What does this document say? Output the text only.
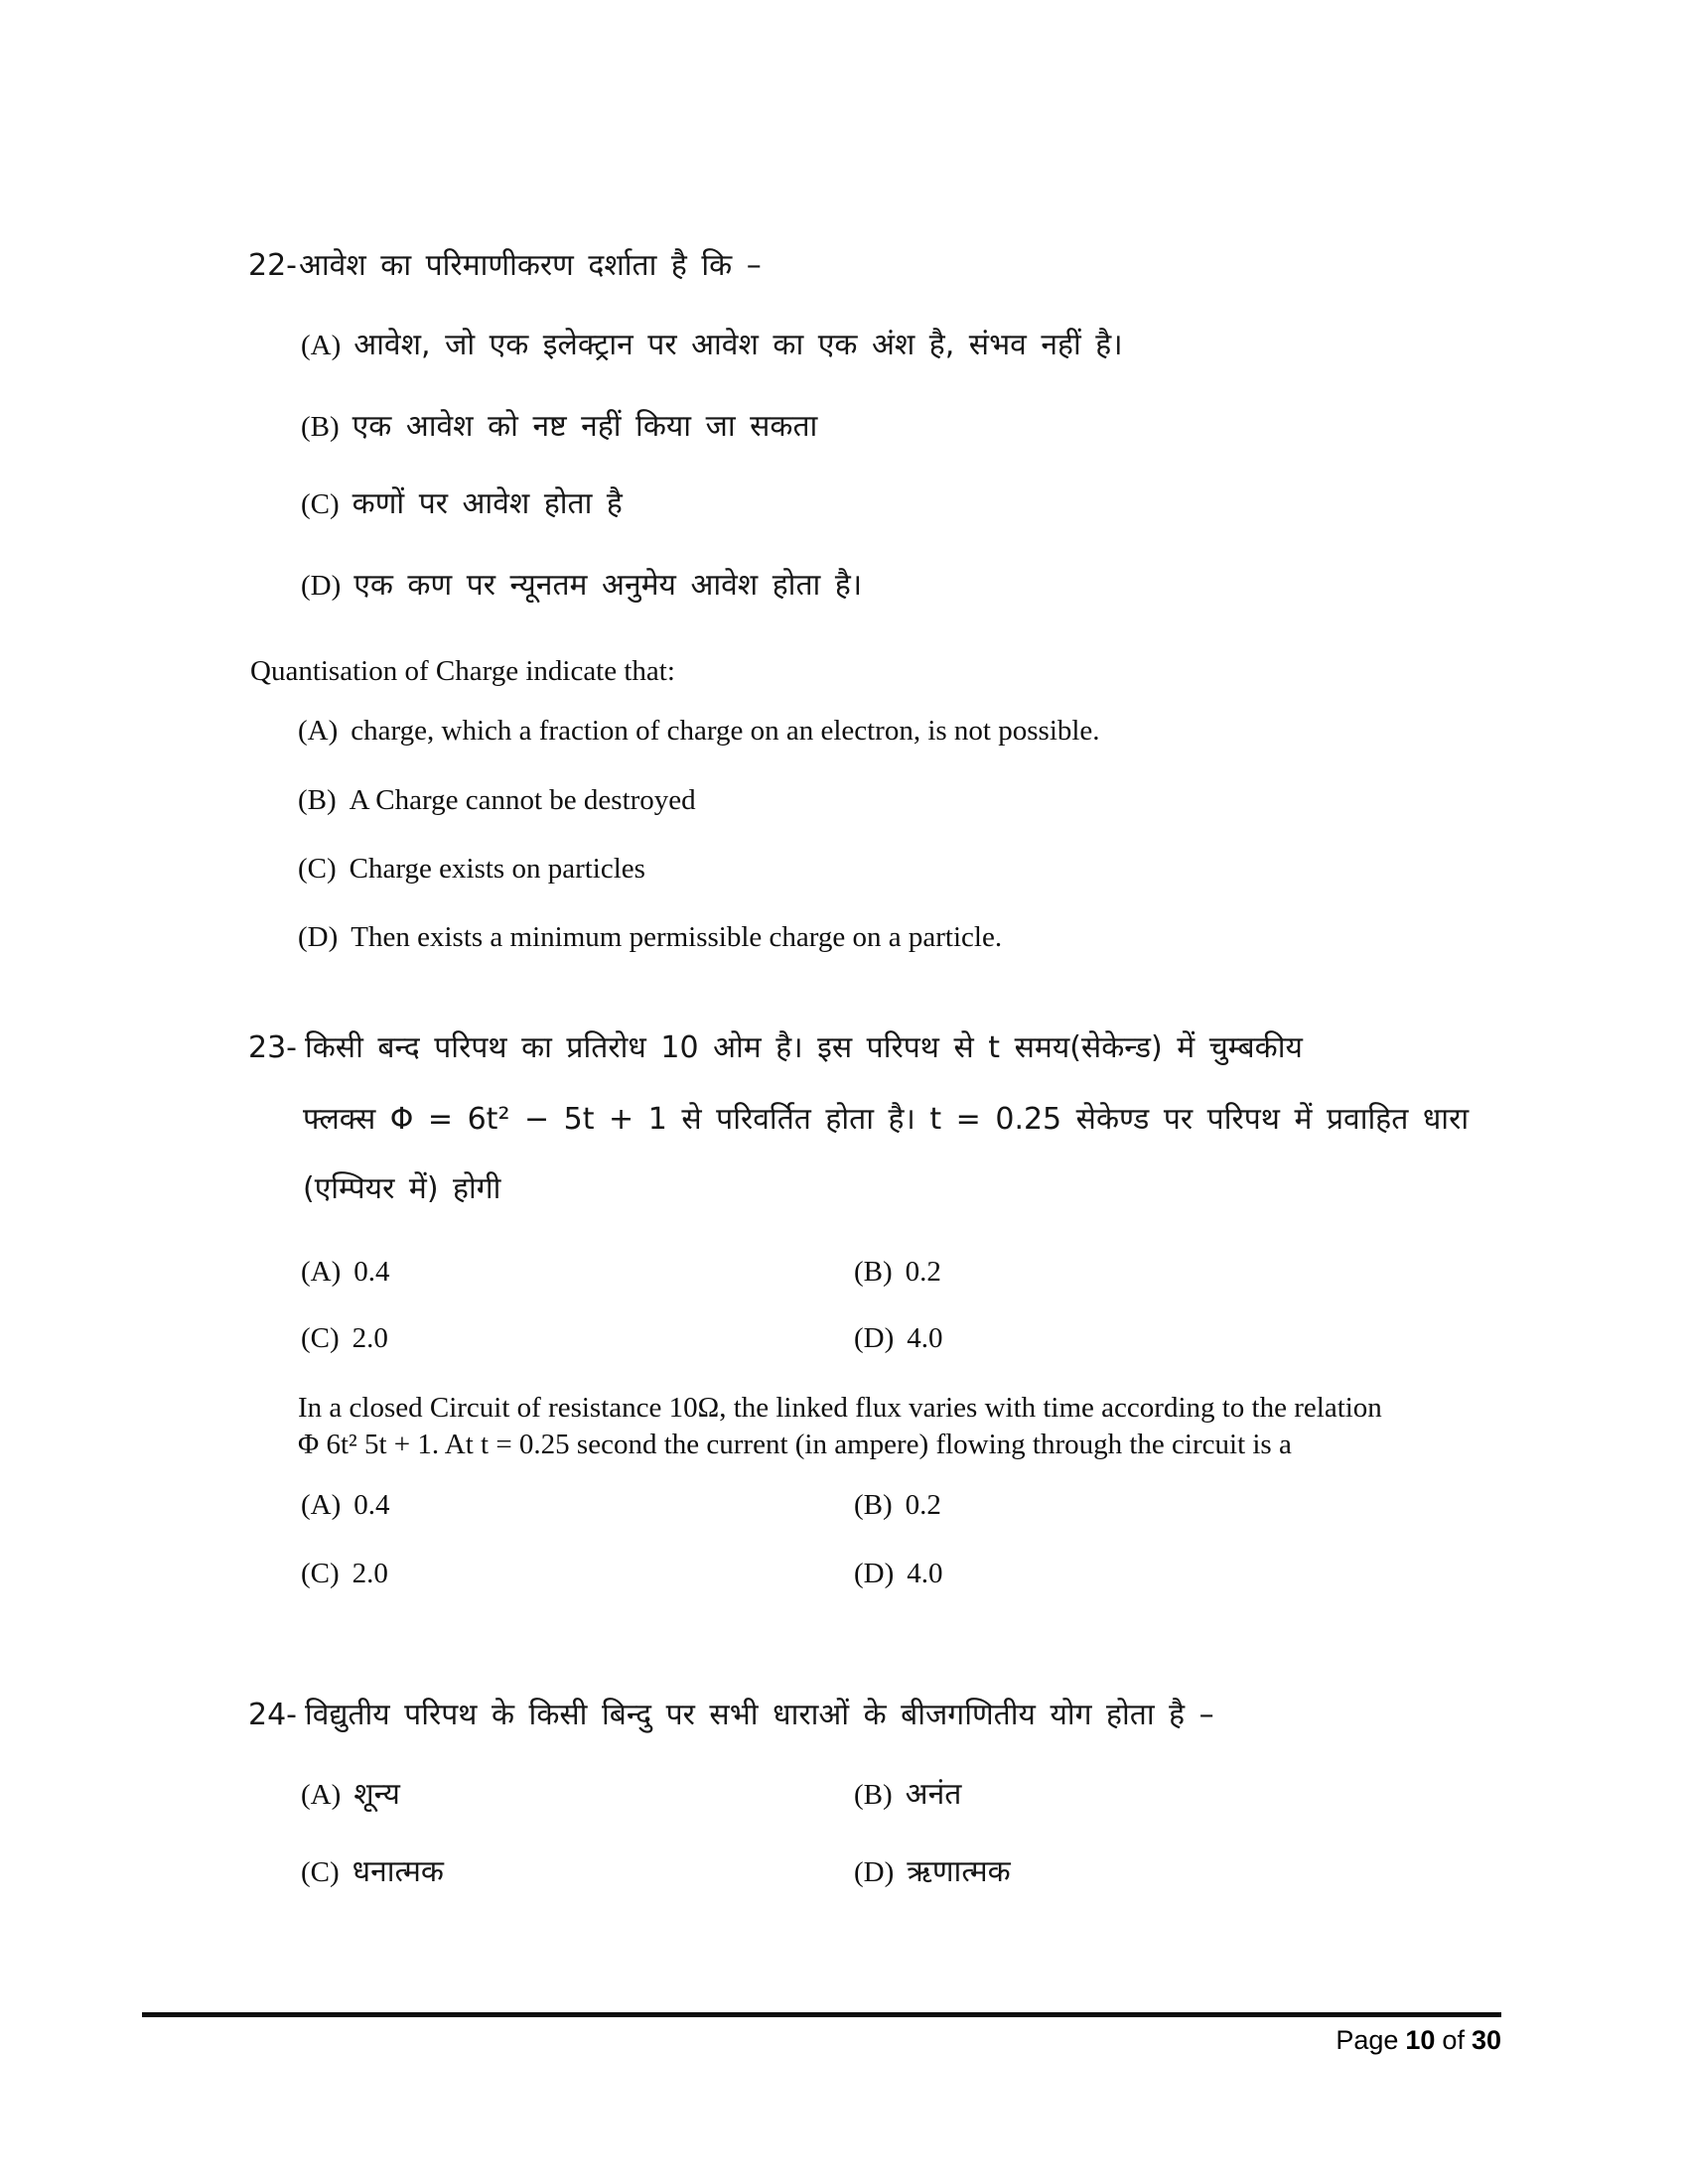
22-आवेश का परिमाणीकरण दर्शाता है कि –
(A) आवेश, जो एक इलेक्ट्रान पर आवेश का एक अंश है, संभव नहीं है।
(B) एक आवेश को नष्ट नहीं किया जा सकता
(C) कणों पर आवेश होता है
(D) एक कण पर न्यूनतम अनुमेय आवेश होता है।
Quantisation of Charge indicate that:
(A) charge, which a fraction of charge on an electron, is not possible.
(B) A Charge cannot be destroyed
(C) Charge exists on particles
(D) Then exists a minimum permissible charge on a particle.
23- किसी बन्द परिपथ का प्रतिरोध 10 ओम है। इस परिपथ से t समय(सेकेन्ड) में चुम्बकीय
फ्लक्स Φ = 6t² − 5t + 1 से परिवर्तित होता है। t = 0.25 सेकेण्ड पर परिपथ में प्रवाहित धारा
(एम्पियर में) होगी
(A) 0.4	(B) 0.2
(C) 2.0	(D) 4.0
In a closed Circuit of resistance 10Ω, the linked flux varies with time according to the relation
Φ 6t² 5t + 1. At t = 0.25 second the current (in ampere) flowing through the circuit is a
(A) 0.4	(B) 0.2
(C) 2.0	(D) 4.0
24- विद्युतीय परिपथ के किसी बिन्दु पर सभी धाराओं के बीजगणितीय योग होता है –
(A) शून्य	(B) अनंत
(C) धनात्मक	(D) ऋणात्मक
Page 10 of 30
